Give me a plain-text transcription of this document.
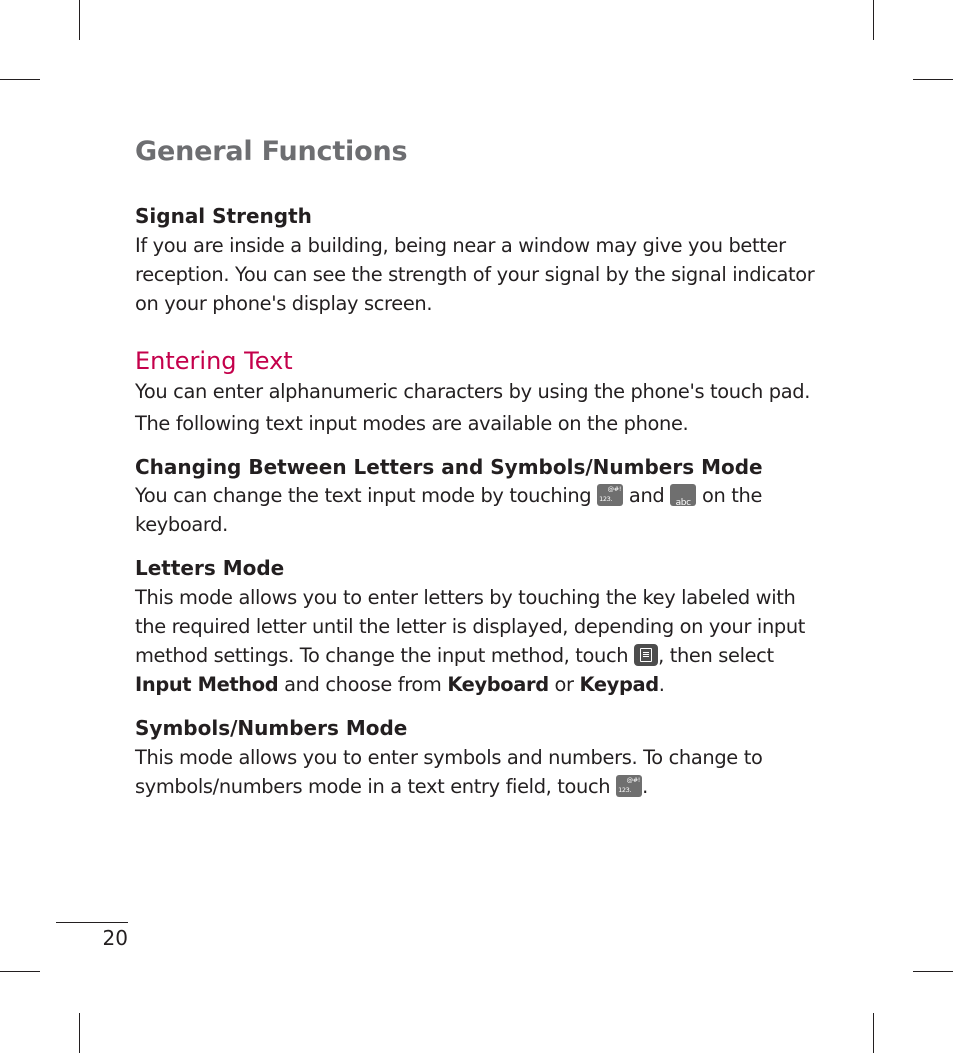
General Functions
Signal Strength

If you are inside a building, being near a window may give you better reception. You can see the strength of your signal by the signal indicator on your phone's display screen.

Entering Text

You can enter alphanumeric characters by using the phone's touch pad.

The following text input modes are available on the phone.

Changing Between Letters and Symbols/Numbers Mode

You can change the text input mode by touching 123.
@#! and	abc on the keyboard.

Letters Mode

This mode allows you to enter letters by touching the key labeled with the required letter until the letter is displayed, depending on your input method settings. To change the input method, touch , then select Input Method and choose from Keyboard or Keypad.

Symbols/Numbers Mode

This mode allows you to enter symbols and numbers. To change to symbols/numbers mode in a text entry field, touch 123.
@#! .

20
